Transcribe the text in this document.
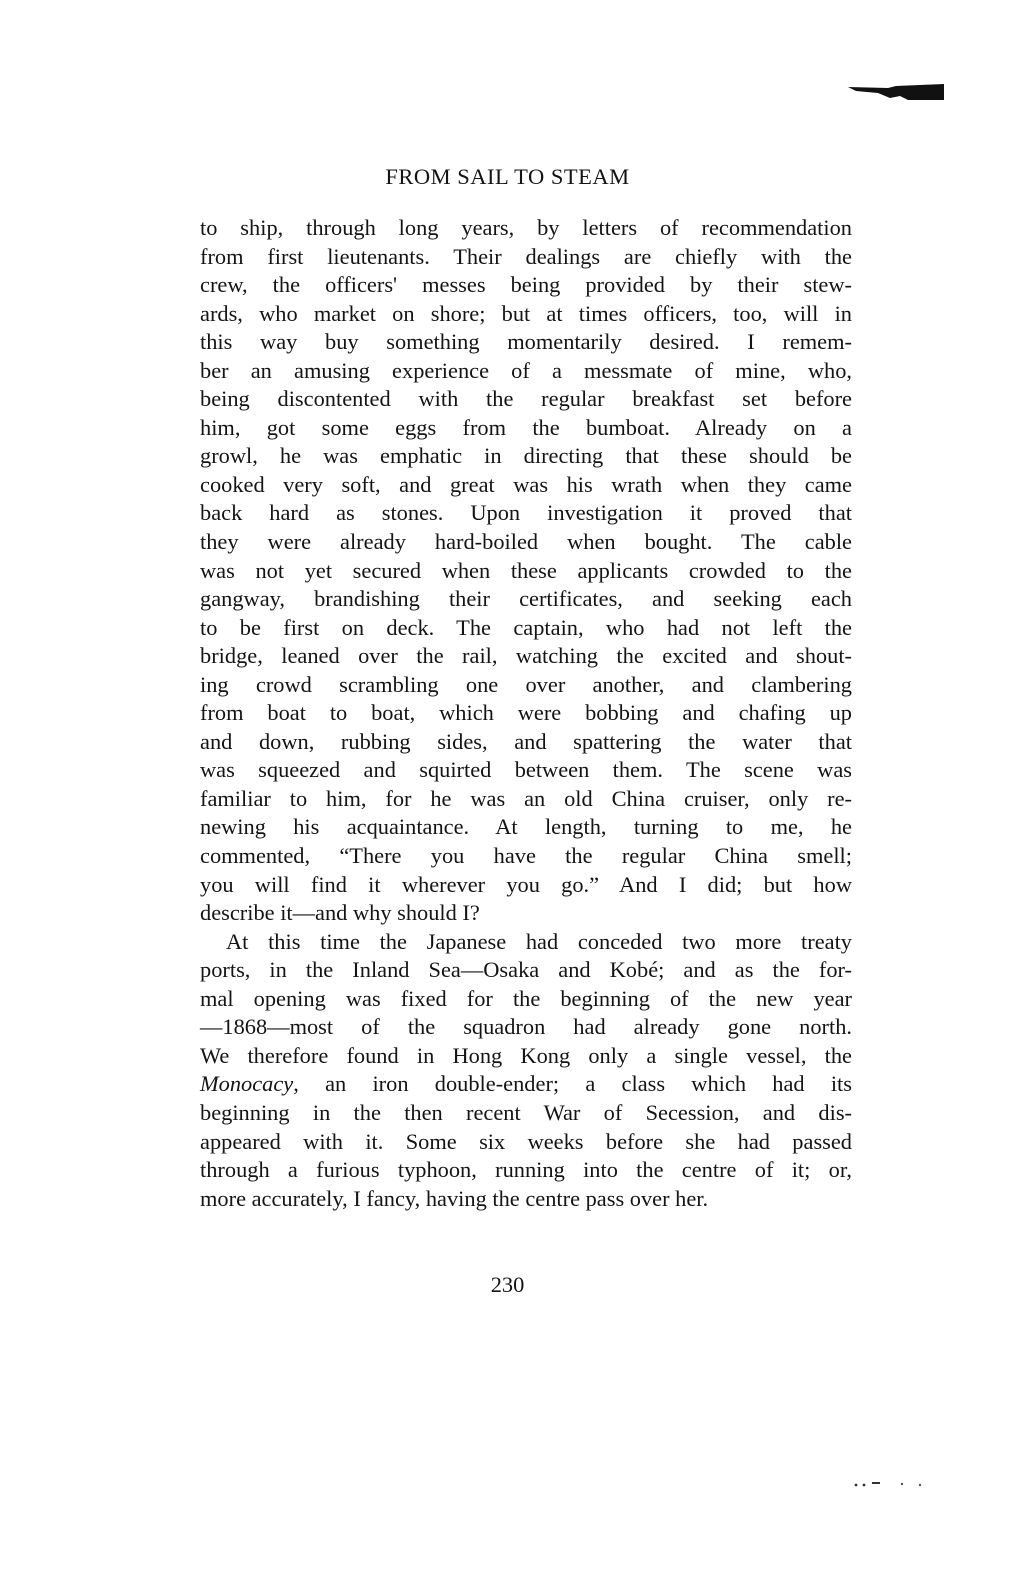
FROM SAIL TO STEAM
to ship, through long years, by letters of recommendation
from first lieutenants. Their dealings are chiefly with the
crew, the officers' messes being provided by their stew-
ards, who market on shore; but at times officers, too, will in
this way buy something momentarily desired. I remem-
ber an amusing experience of a messmate of mine, who,
being discontented with the regular breakfast set before
him, got some eggs from the bumboat. Already on a
growl, he was emphatic in directing that these should be
cooked very soft, and great was his wrath when they came
back hard as stones. Upon investigation it proved that
they were already hard-boiled when bought. The cable
was not yet secured when these applicants crowded to the
gangway, brandishing their certificates, and seeking each
to be first on deck. The captain, who had not left the
bridge, leaned over the rail, watching the excited and shout-
ing crowd scrambling one over another, and clambering
from boat to boat, which were bobbing and chafing up
and down, rubbing sides, and spattering the water that
was squeezed and squirted between them. The scene was
familiar to him, for he was an old China cruiser, only re-
newing his acquaintance. At length, turning to me, he
commented, “There you have the regular China smell;
you will find it wherever you go.” And I did; but how
describe it—and why should I?
At this time the Japanese had conceded two more treaty
ports, in the Inland Sea—Osaka and Kobé; and as the for-
mal opening was fixed for the beginning of the new year
—1868—most of the squadron had already gone north.
We therefore found in Hong Kong only a single vessel, the
Monocacy, an iron double-ender; a class which had its
beginning in the then recent War of Secession, and dis-
appeared with it. Some six weeks before she had passed
through a furious typhoon, running into the centre of it; or,
more accurately, I fancy, having the centre pass over her.
230
